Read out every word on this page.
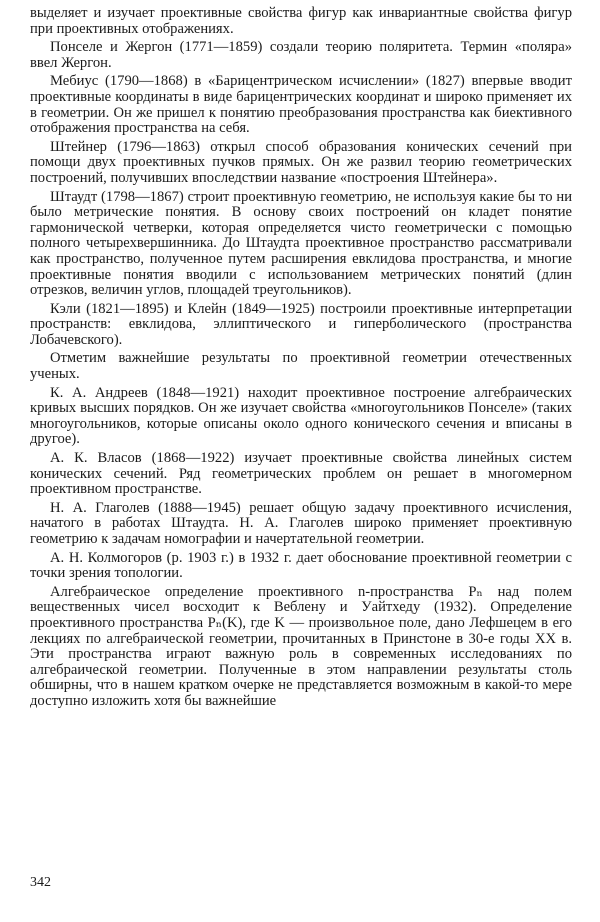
выделяет и изучает проективные свойства фигур как инвариантные свойства фигур при проективных отображениях.

Понселе и Жергон (1771—1859) создали теорию поляритета. Термин «поляра» ввел Жергон.

Мебиус (1790—1868) в «Барицентрическом исчислении» (1827) впервые вводит проективные координаты в виде барицентрических координат и широко применяет их в геометрии. Он же пришел к понятию преобразования пространства как биективного отображения пространства на себя.

Штейнер (1796—1863) открыл способ образования конических сечений при помощи двух проективных пучков прямых. Он же развил теорию геометрических построений, получивших впоследствии название «построения Штейнера».

Штаудт (1798—1867) строит проективную геометрию, не используя какие бы то ни было метрические понятия. В основу своих построений он кладет понятие гармонической четверки, которая определяется чисто геометрически с помощью полного четырехвершинника. До Штаудта проективное пространство рассматривали как пространство, полученное путем расширения евклидова пространства, и многие проективные понятия вводили с использованием метрических понятий (длин отрезков, величин углов, площадей треугольников).

Кэли (1821—1895) и Клейн (1849—1925) построили проективные интерпретации пространств: евклидова, эллиптического и гиперболического (пространства Лобачевского).

Отметим важнейшие результаты по проективной геометрии отечественных ученых.

К. А. Андреев (1848—1921) находит проективное построение алгебраических кривых высших порядков. Он же изучает свойства «многоугольников Понселе» (таких многоугольников, которые описаны около одного конического сечения и вписаны в другое).

А. К. Власов (1868—1922) изучает проективные свойства линейных систем конических сечений. Ряд геометрических проблем он решает в многомерном проективном пространстве.

Н. А. Глаголев (1888—1945) решает общую задачу проективного исчисления, начатого в работах Штаудта. Н. А. Глаголев широко применяет проективную геометрию к задачам номографии и начертательной геометрии.

А. Н. Колмогоров (р. 1903 г.) в 1932 г. дает обоснование проективной геометрии с точки зрения топологии.

Алгебраическое определение проективного n-пространства Pₙ над полем вещественных чисел восходит к Веблену и Уайтхеду (1932). Определение проективного пространства Pₙ(K), где K — произвольное поле, дано Лефшецем в его лекциях по алгебраической геометрии, прочитанных в Принстоне в 30-е годы XX в. Эти пространства играют важную роль в современных исследованиях по алгебраической геометрии. Полученные в этом направлении результаты столь обширны, что в нашем кратком очерке не представляется возможным в какой-то мере доступно изложить хотя бы важнейшие

342
